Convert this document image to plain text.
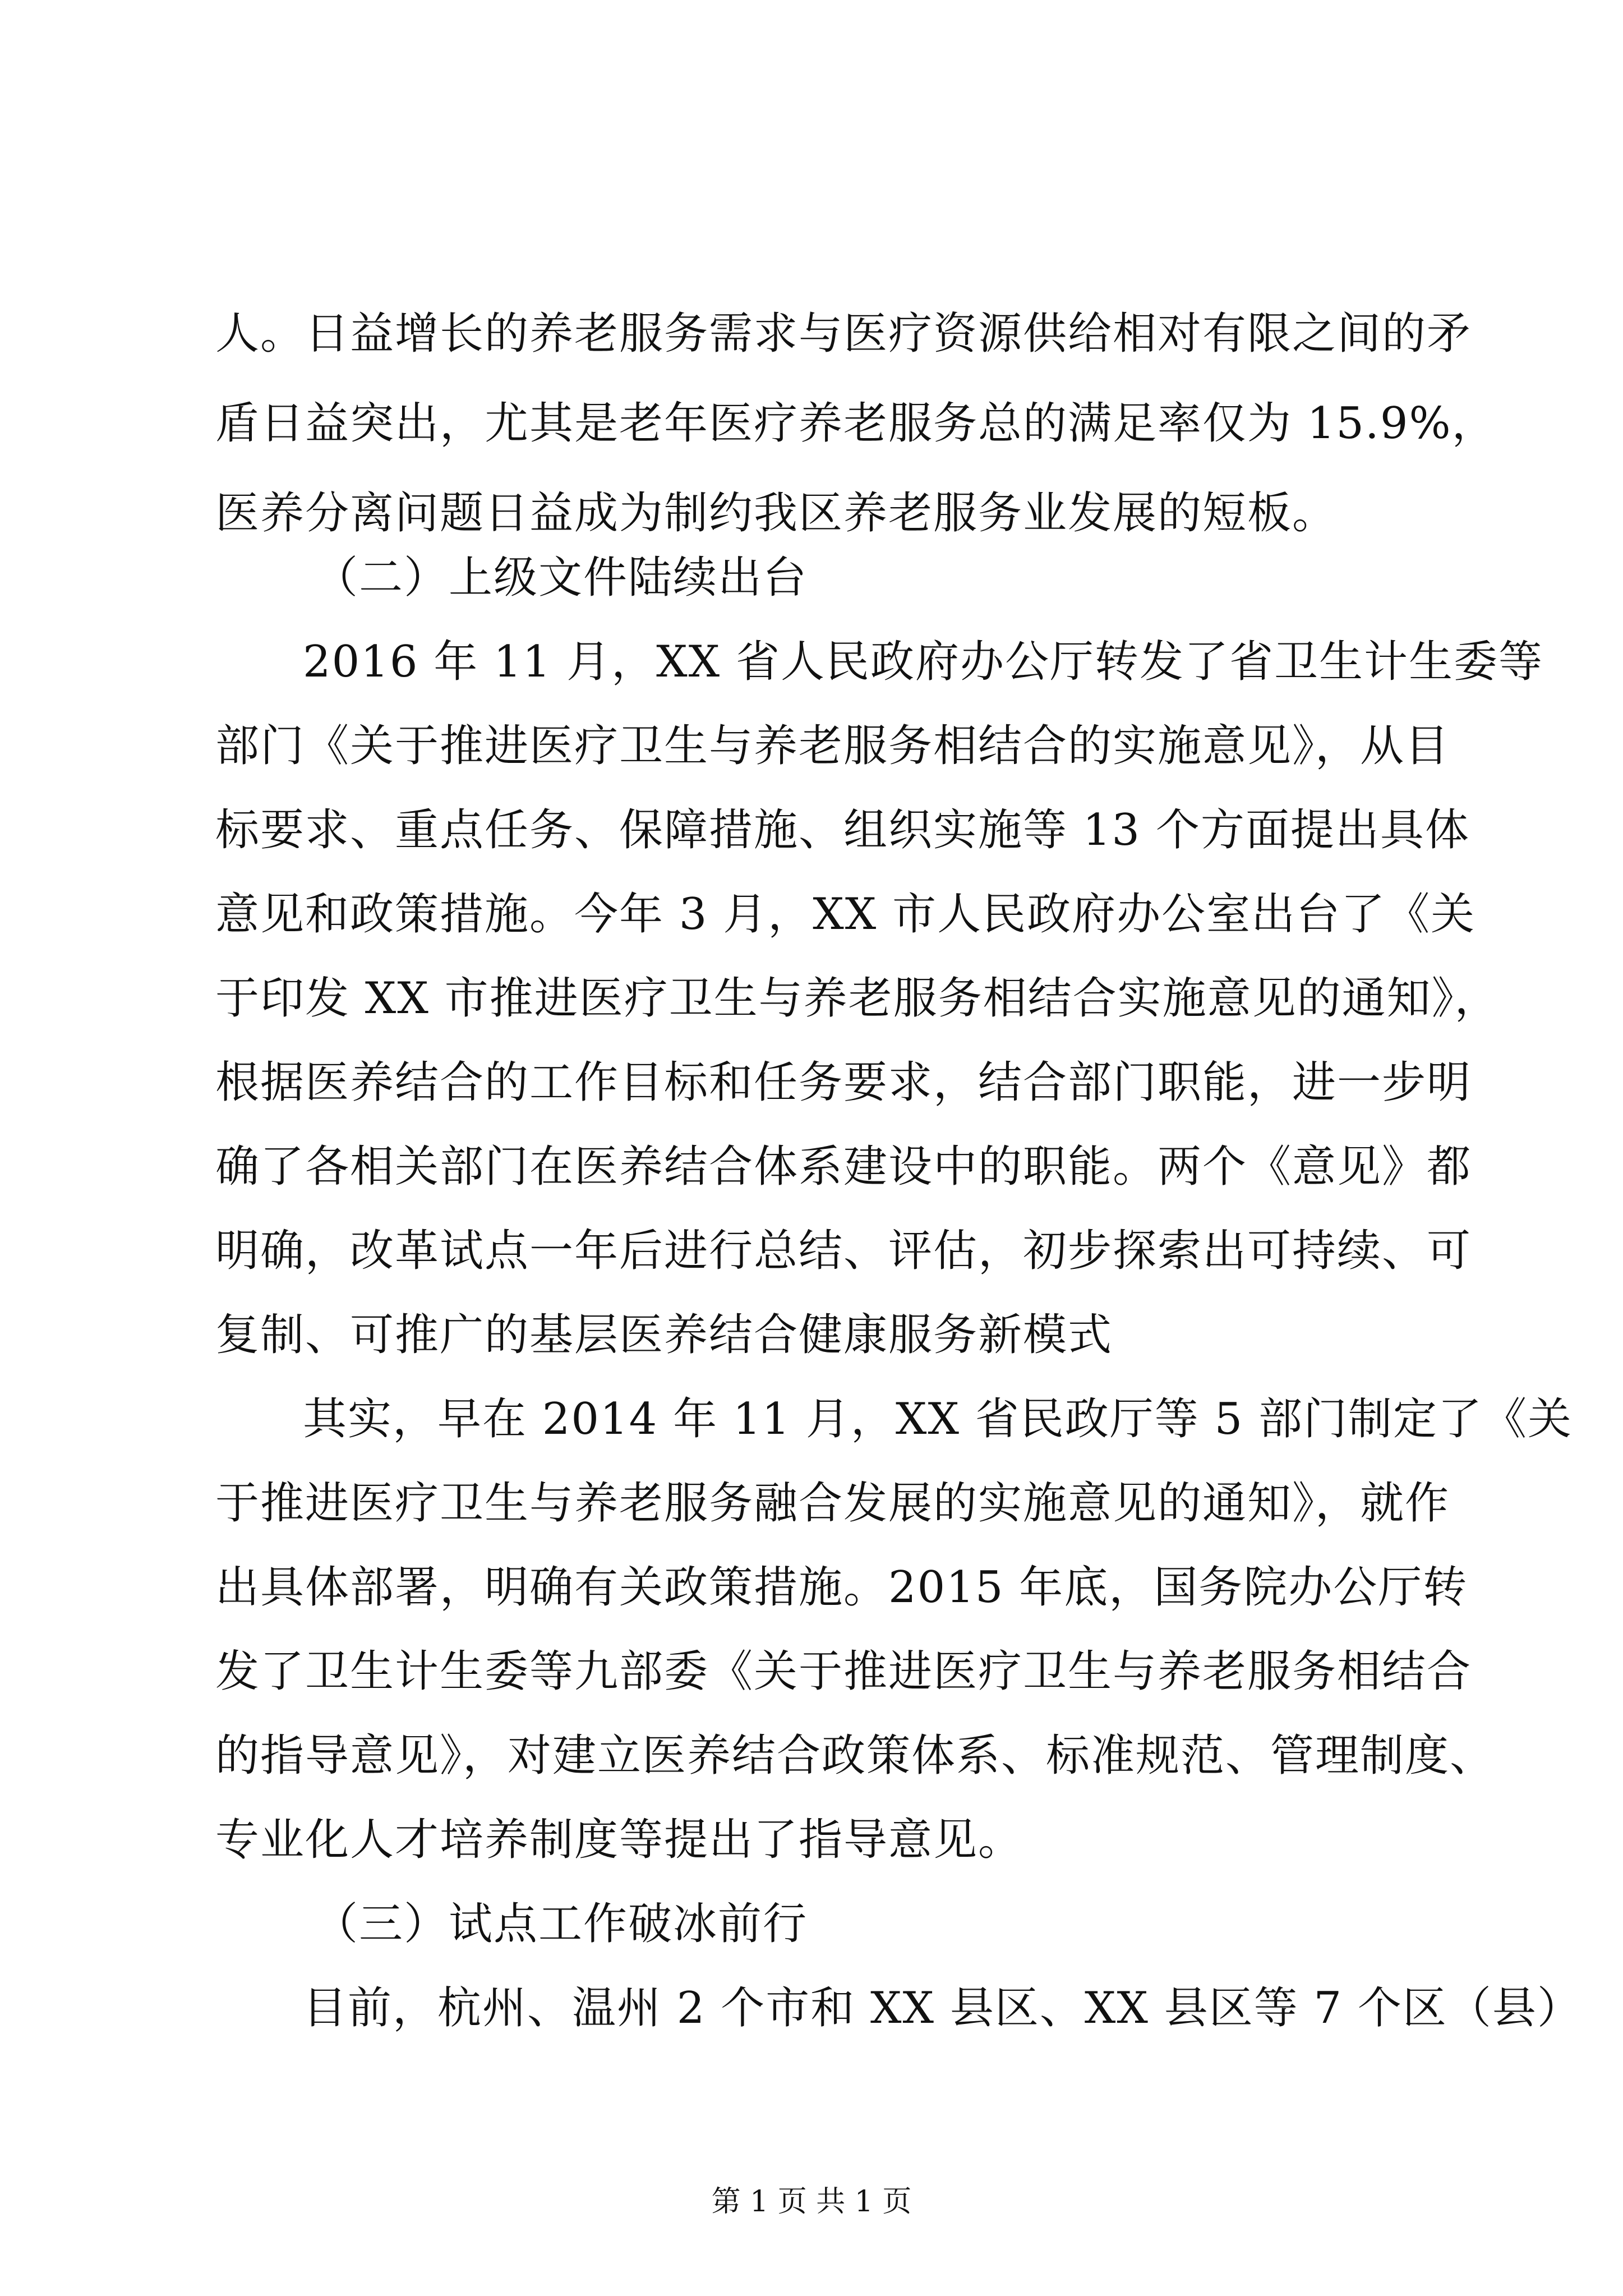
人。日益增长的养老服务需求与医疗资源供给相对有限之间的矛
盾日益突出，尤其是老年医疗养老服务总的满足率仅为 15.9%，
医养分离问题日益成为制约我区养老服务业发展的短板。
（二）上级文件陆续出台
2016 年 11 月，XX 省人民政府办公厅转发了省卫生计生委等
部门《关于推进医疗卫生与养老服务相结合的实施意见》，从目
标要求、重点任务、保障措施、组织实施等 13 个方面提出具体
意见和政策措施。今年 3 月，XX 市人民政府办公室出台了《关
于印发 XX 市推进医疗卫生与养老服务相结合实施意见的通知》，
根据医养结合的工作目标和任务要求，结合部门职能，进一步明
确了各相关部门在医养结合体系建设中的职能。两个《意见》都
明确，改革试点一年后进行总结、评估，初步探索出可持续、可
复制、可推广的基层医养结合健康服务新模式
其实，早在 2014 年 11 月，XX 省民政厅等 5 部门制定了《关
于推进医疗卫生与养老服务融合发展的实施意见的通知》，就作
出具体部署，明确有关政策措施。2015 年底，国务院办公厅转
发了卫生计生委等九部委《关于推进医疗卫生与养老服务相结合
的指导意见》，对建立医养结合政策体系、标准规范、管理制度、
专业化人才培养制度等提出了指导意见。
（三）试点工作破冰前行
目前，杭州、温州 2 个市和 XX 县区、XX 县区等 7 个区（县）
第 1 页 共 1 页
